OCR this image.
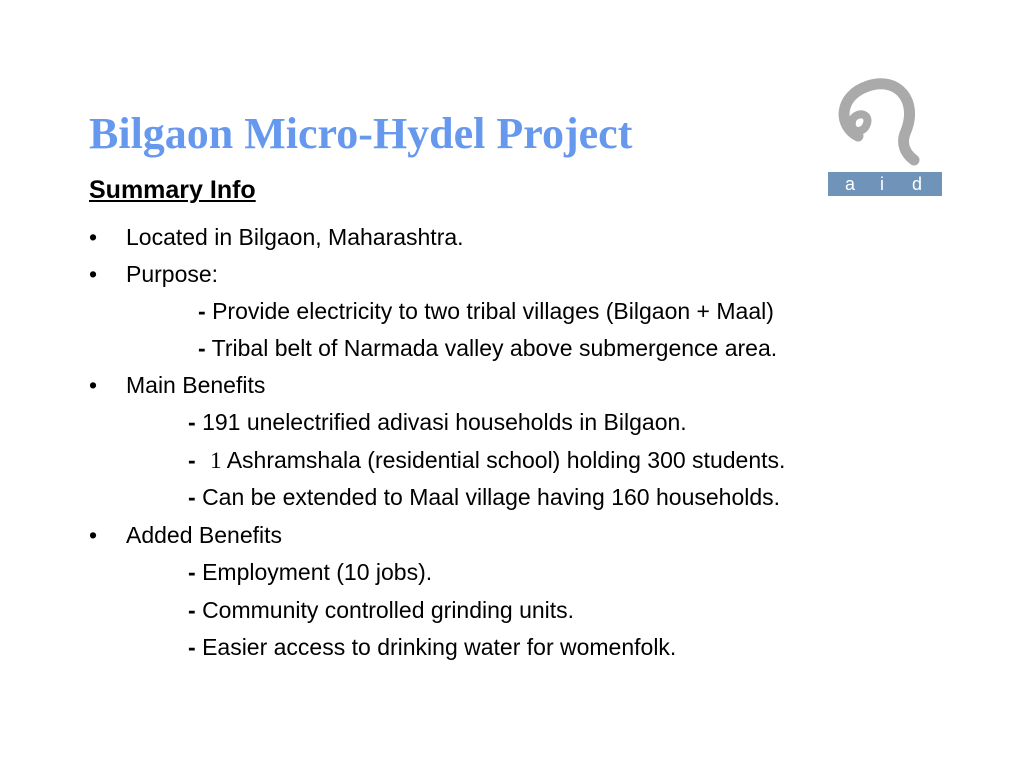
Bilgaon Micro-Hydel Project
Summary Info
• Located in Bilgaon, Maharashtra.
• Purpose:
- Provide electricity to two tribal villages (Bilgaon + Maal)
- Tribal belt of Narmada valley above submergence area.
• Main Benefits
- 191 unelectrified adivasi households in Bilgaon.
- 1 Ashramshala (residential school) holding 300 students.
- Can be extended to Maal village having 160 households.
• Added Benefits
- Employment (10 jobs).
- Community controlled grinding units.
- Easier access to drinking water for womenfolk.
a i d
